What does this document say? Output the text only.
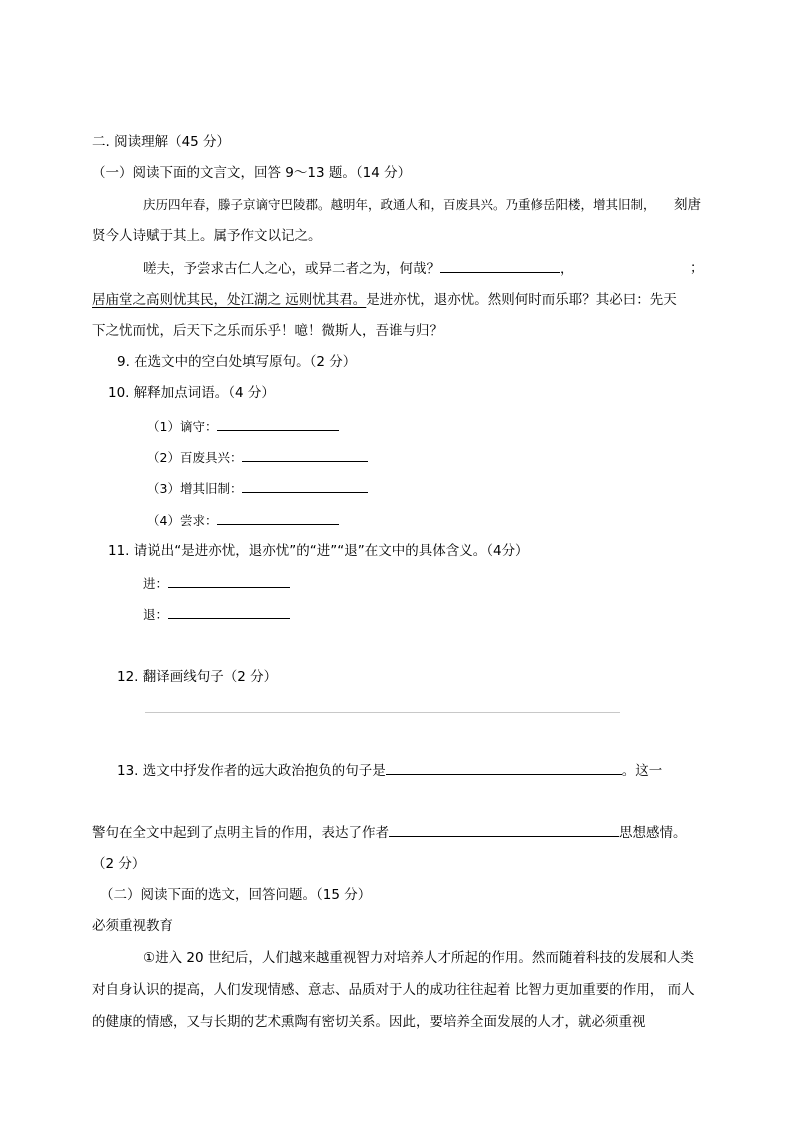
二. 阅读理解（45 分）
（一）阅读下面的文言文，回答 9～13 题。（14 分）
庆历四年春，滕子京谪守巴陵郡。越明年，政通人和，百废具兴。乃重修岳阳楼，增其旧制， 刻唐
贤今人诗赋于其上。属予作文以记之。
嗟夫，予尝求古仁人之心，或异二者之为，何哉？	，	；
居庙堂之高则忧其民，处江湖之 远则忧其君。是进亦忧，退亦忧。然则何时而乐耶？其必曰：先天
下之忧而忧，后天下之乐而乐乎！噫！微斯人，吾谁与归？
9. 在选文中的空白处填写原句。（2 分）
10. 解释加点词语。（4 分）
（1）谪守：
（2）百废具兴：
（3）增其旧制：
（4）尝求：
11. 请说出“是进亦忧，退亦忧”的“进”“退”在文中的具体含义。（4分）
进：
退：
12. 翻译画线句子（2 分）
13. 选文中抒发作者的远大政治抱负的句子是	。这一
警句在全文中起到了点明主旨的作用，表达了作者	思想感情。
（2 分）
（二）阅读下面的选文，回答问题。（15 分）
必须重视教育
①进入 20 世纪后，人们越来越重视智力对培养人才所起的作用。然而随着科技的发展和人类
对自身认识的提高，人们发现情感、意志、品质对于人的成功往往起着 比智力更加重要的作用， 而人
的健康的情感，又与长期的艺术熏陶有密切关系。因此，要培养全面发展的人才，就必须重视
